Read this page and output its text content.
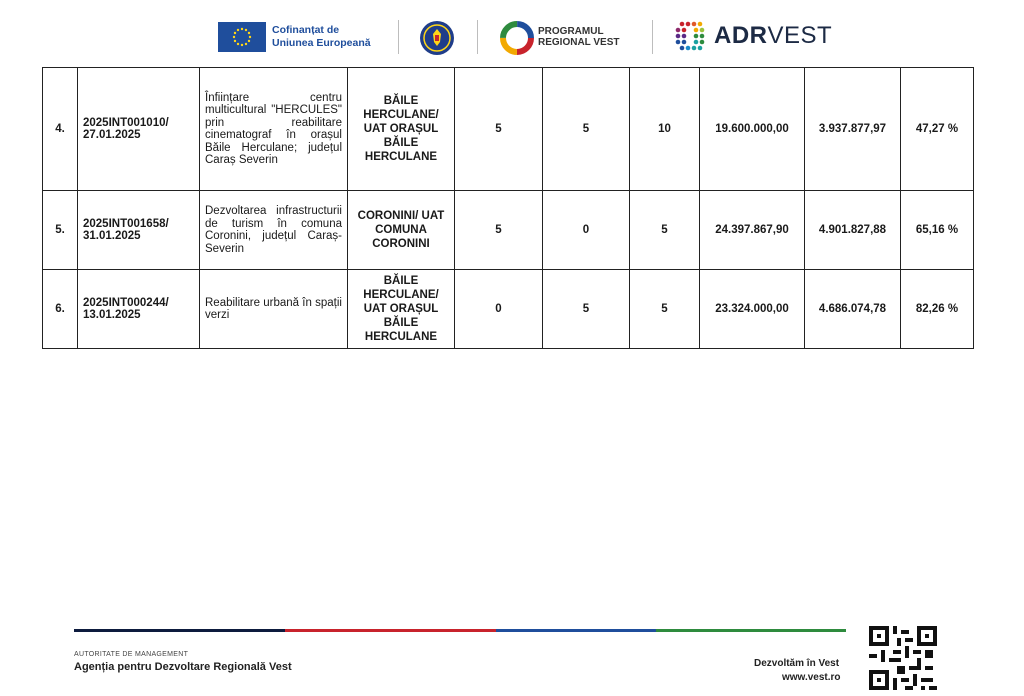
Cofinanțat de
Uniunea Europeană
PROGRAMUL
REGIONAL VEST	ADRVEST
4.	2025INT001010/ 27.01.2025	Înființare centru multicultural "HERCULES" prin reabilitare cinematograf în orașul Băile Herculane; județul Caraș Severin	BĂILE HERCULANE/ UAT ORAȘUL BĂILE HERCULANE	5	5	10	19.600.000,00	3.937.877,97	47,27 %
5.	2025INT001658/ 31.01.2025	Dezvoltarea infrastructurii de turism în comuna Coronini, județul Caraș-Severin	CORONINI/ UAT COMUNA CORONINI	5	0	5	24.397.867,90	4.901.827,88	65,16 %
6.	2025INT000244/ 13.01.2025	Reabilitare urbană în spații verzi	BĂILE HERCULANE/ UAT ORAȘUL BĂILE HERCULANE	0	5	5	23.324.000,00	4.686.074,78	82,26 %
AUTORITATE DE MANAGEMENT
Agenția pentru Dezvoltare Regională Vest	Dezvoltăm în Vest
www.vest.ro
